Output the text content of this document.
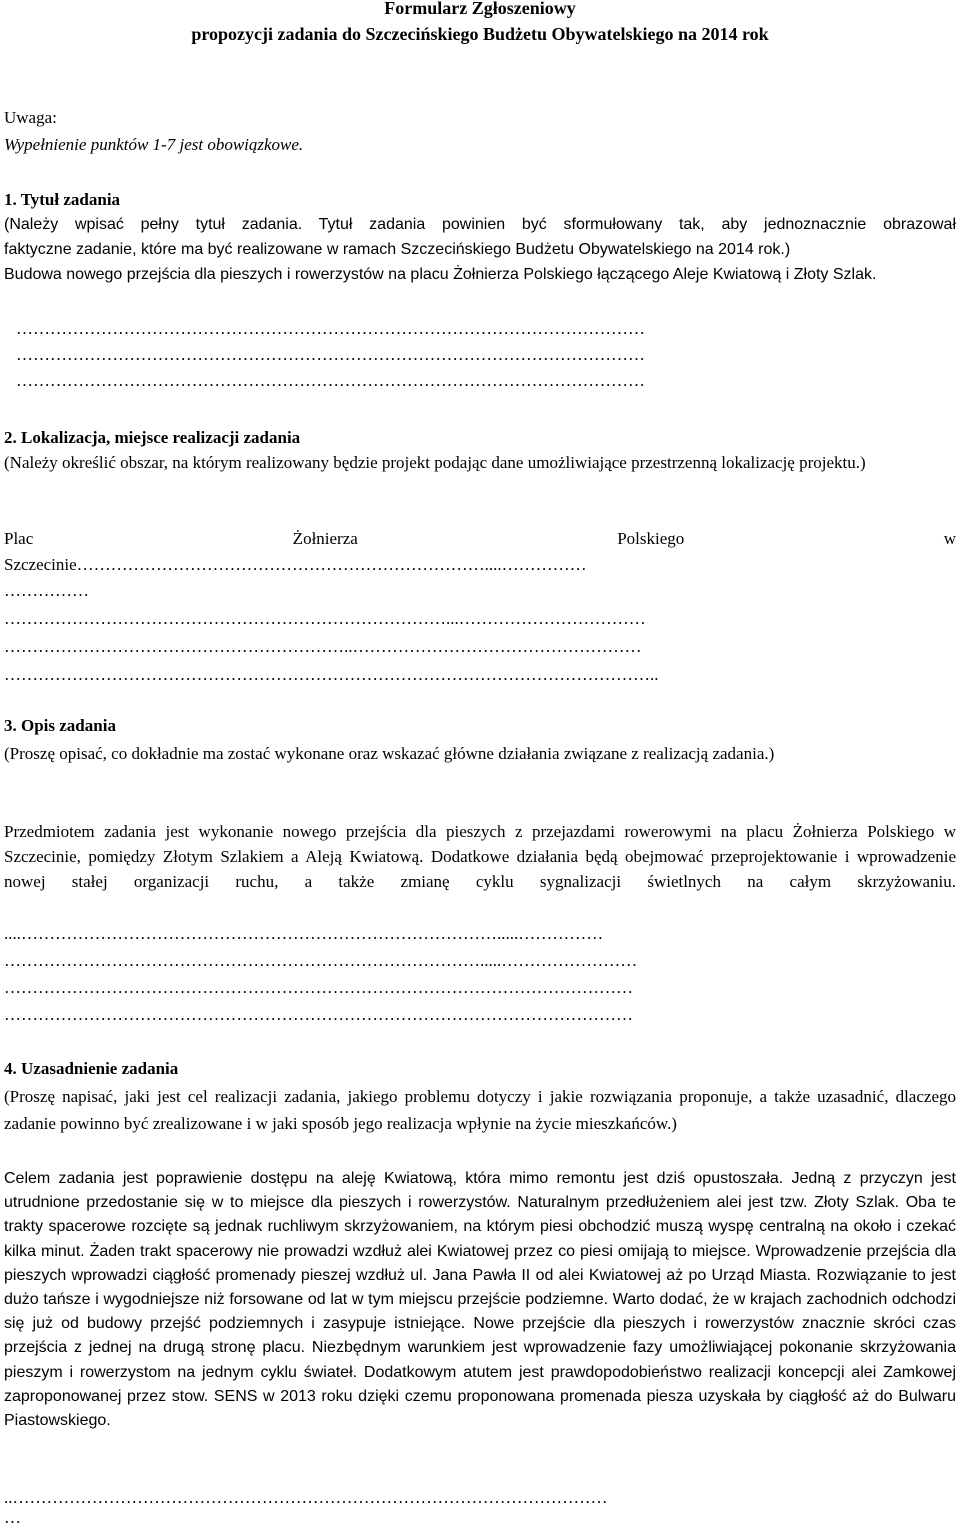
Formularz Zgłoszeniowy
propozycji zadania do Szczecińskiego Budżetu Obywatelskiego na 2014 rok
Uwaga:
Wypełnienie punktów 1-7 jest obowiązkowe.
1. Tytuł zadania
(Należy wpisać pełny tytuł zadania. Tytuł zadania powinien być sformułowany tak, aby jednoznacznie obrazował
faktyczne zadanie, które ma być realizowane w ramach Szczecińskiego Budżetu Obywatelskiego na 2014 rok.)
Budowa nowego przejścia dla pieszych i rowerzystów na placu Żołnierza Polskiego łączącego Aleje Kwiatową i Złoty Szlak.
…………………………………………………………………………………………………
…………………………………………………………………………………………………
…………………………………………………………………………………………………
2. Lokalizacja, miejsce realizacji zadania
(Należy określić obszar, na którym realizowany będzie projekt podając dane umożliwiające przestrzenną lokalizację projektu.)
Plac Żołnierza Polskiego w
Szczecinie………………………………………………………………....……………
……………
……………………………………………………………………...……………………………
……………………………………………………..……………………………………………
……………………………………………………………………………………………………..
3. Opis zadania
(Proszę opisać, co dokładnie ma zostać wykonane oraz wskazać główne działania związane z realizacją zadania.)
Przedmiotem zadania jest wykonanie nowego przejścia dla pieszych z przejazdami rowerowymi na placu Żołnierza Polskiego w Szczecinie, pomiędzy Złotym Szlakiem a Aleją Kwiatową. Dodatkowe działania będą obejmować przeprojektowanie i wprowadzenie nowej stałej organizacji ruchu, a także zmianę cyklu sygnalizacji świetlnych na całym skrzyżowaniu.
....………………………………………………………………………….....……………
………………………………………………………………………….....……………………
…………………………………………………………………………………………………
…………………………………………………………………………………………………
4. Uzasadnienie zadania
(Proszę napisać, jaki jest cel realizacji zadania, jakiego problemu dotyczy i jakie rozwiązania proponuje, a także uzasadnić, dlaczego zadanie powinno być zrealizowane i w jaki sposób jego realizacja wpłynie na życie mieszkańców.)
Celem zadania jest poprawienie dostępu na aleję Kwiatową, która mimo remontu jest dziś opustoszała. Jedną z przyczyn jest utrudnione przedostanie się w to miejsce dla pieszych i rowerzystów. Naturalnym przedłużeniem alei jest tzw. Złoty Szlak. Oba te trakty spacerowe rozcięte są jednak ruchliwym skrzyżowaniem, na którym piesi obchodzić muszą wyspę centralną na około i czekać kilka minut. Żaden trakt spacerowy nie prowadzi wzdłuż alei Kwiatowej przez co piesi omijają to miejsce. Wprowadzenie przejścia dla pieszych wprowadzi ciągłość promenady pieszej wzdłuż ul. Jana Pawła II od alei Kwiatowej aż po Urząd Miasta. Rozwiązanie to jest dużo tańsze i wygodniejsze niż forsowane od lat w tym miejscu przejście podziemne. Warto dodać, że w krajach zachodnich odchodzi się już od budowy przejść podziemnych i zasypuje istniejące. Nowe przejście dla pieszych i rowerzystów znacznie skróci czas przejścia z jednej na drugą stronę placu. Niezbędnym warunkiem jest wprowadzenie fazy umożliwiającej pokonanie skrzyżowania pieszym i rowerzystom na jednym cyklu świateł. Dodatkowym atutem jest prawdopodobieństwo realizacji koncepcji alei Zamkowej zaproponowanej przez stow. SENS w 2013 roku dzięki czemu proponowana promenada piesza uzyskała by ciągłość aż do Bulwaru Piastowskiego.
..……………………………………………………………………………………………
…
